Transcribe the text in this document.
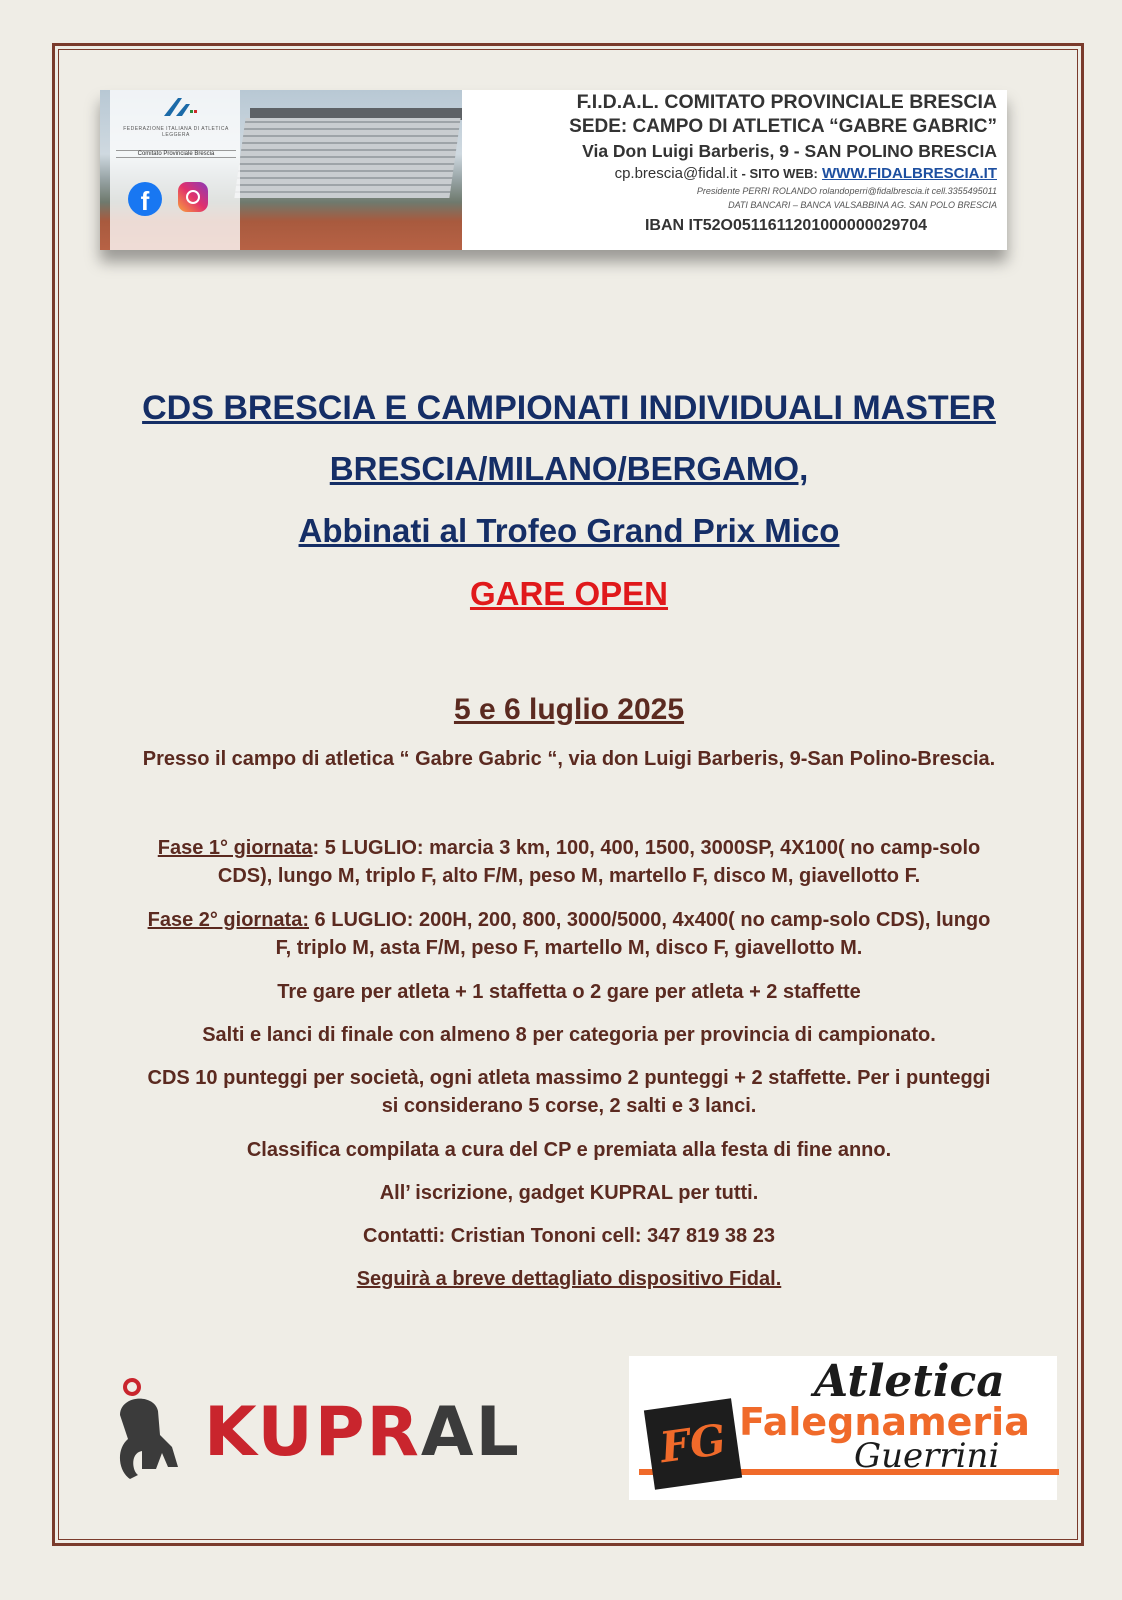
FEDERAZIONE ITALIANA DI ATLETICA LEGGERA
Comitato Provinciale Brescia
f
F.I.D.A.L. COMITATO PROVINCIALE BRESCIA
SEDE: CAMPO DI ATLETICA “GABRE GABRIC”
Via Don Luigi Barberis, 9 - SAN POLINO BRESCIA
cp.brescia@fidal.it - SITO WEB: WWW.FIDALBRESCIA.IT
Presidente PERRI ROLANDO rolandoperri@fidalbrescia.it cell.3355495011
DATI BANCARI – BANCA VALSABBINA AG. SAN POLO BRESCIA
IBAN IT52O0511611201000000029704
CDS BRESCIA E CAMPIONATI INDIVIDUALI MASTER
BRESCIA/MILANO/BERGAMO,
Abbinati al Trofeo Grand Prix Mico
GARE OPEN
5 e 6 luglio 2025
Presso il campo di atletica “ Gabre Gabric “, via don Luigi Barberis, 9-San Polino-Brescia.
Fase 1° giornata: 5 LUGLIO: marcia 3 km, 100, 400, 1500, 3000SP, 4X100( no camp-solo
CDS), lungo M, triplo F, alto F/M, peso M, martello F, disco M, giavellotto F.
Fase 2° giornata: 6 LUGLIO: 200H, 200, 800, 3000/5000, 4x400( no camp-solo CDS), lungo
F, triplo M, asta F/M, peso F, martello M, disco F, giavellotto M.
Tre gare per atleta + 1 staffetta o 2 gare per atleta + 2 staffette
Salti e lanci di finale con almeno 8 per categoria per provincia di campionato.
CDS 10 punteggi per società, ogni atleta massimo 2 punteggi + 2 staffette. Per i punteggi
si considerano 5 corse, 2 salti e 3 lanci.
Classifica compilata a cura del CP e premiata alla festa di fine anno.
All’ iscrizione, gadget KUPRAL per tutti.
Contatti: Cristian Tononi cell: 347 819 38 23
Seguirà a breve dettagliato dispositivo Fidal.
KUPRAL
Atletica
FG Falegnameria
Guerrini
